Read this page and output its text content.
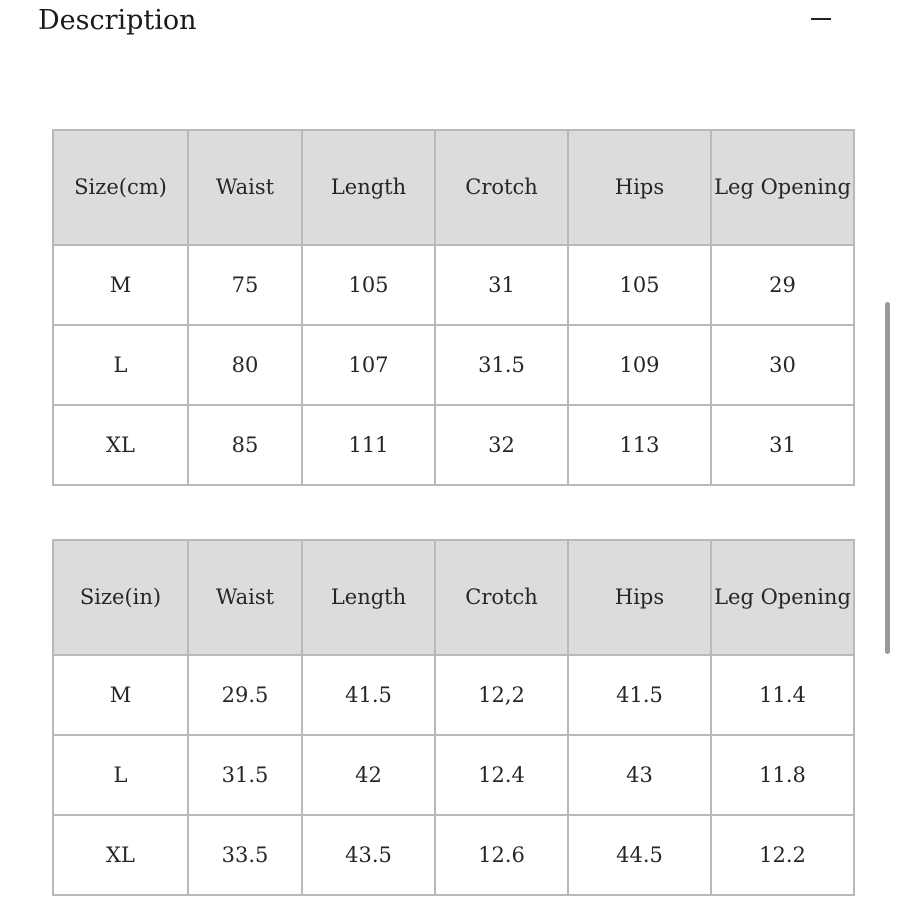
Description
Size(cm)	Waist	Length	Crotch	Hips	Leg Opening
M	75	105	31	105	29
L	80	107	31.5	109	30
XL	85	111	32	113	31
Size(in)	Waist	Length	Crotch	Hips	Leg Opening
M	29.5	41.5	12,2	41.5	11.4
L	31.5	42	12.4	43	11.8
XL	33.5	43.5	12.6	44.5	12.2
